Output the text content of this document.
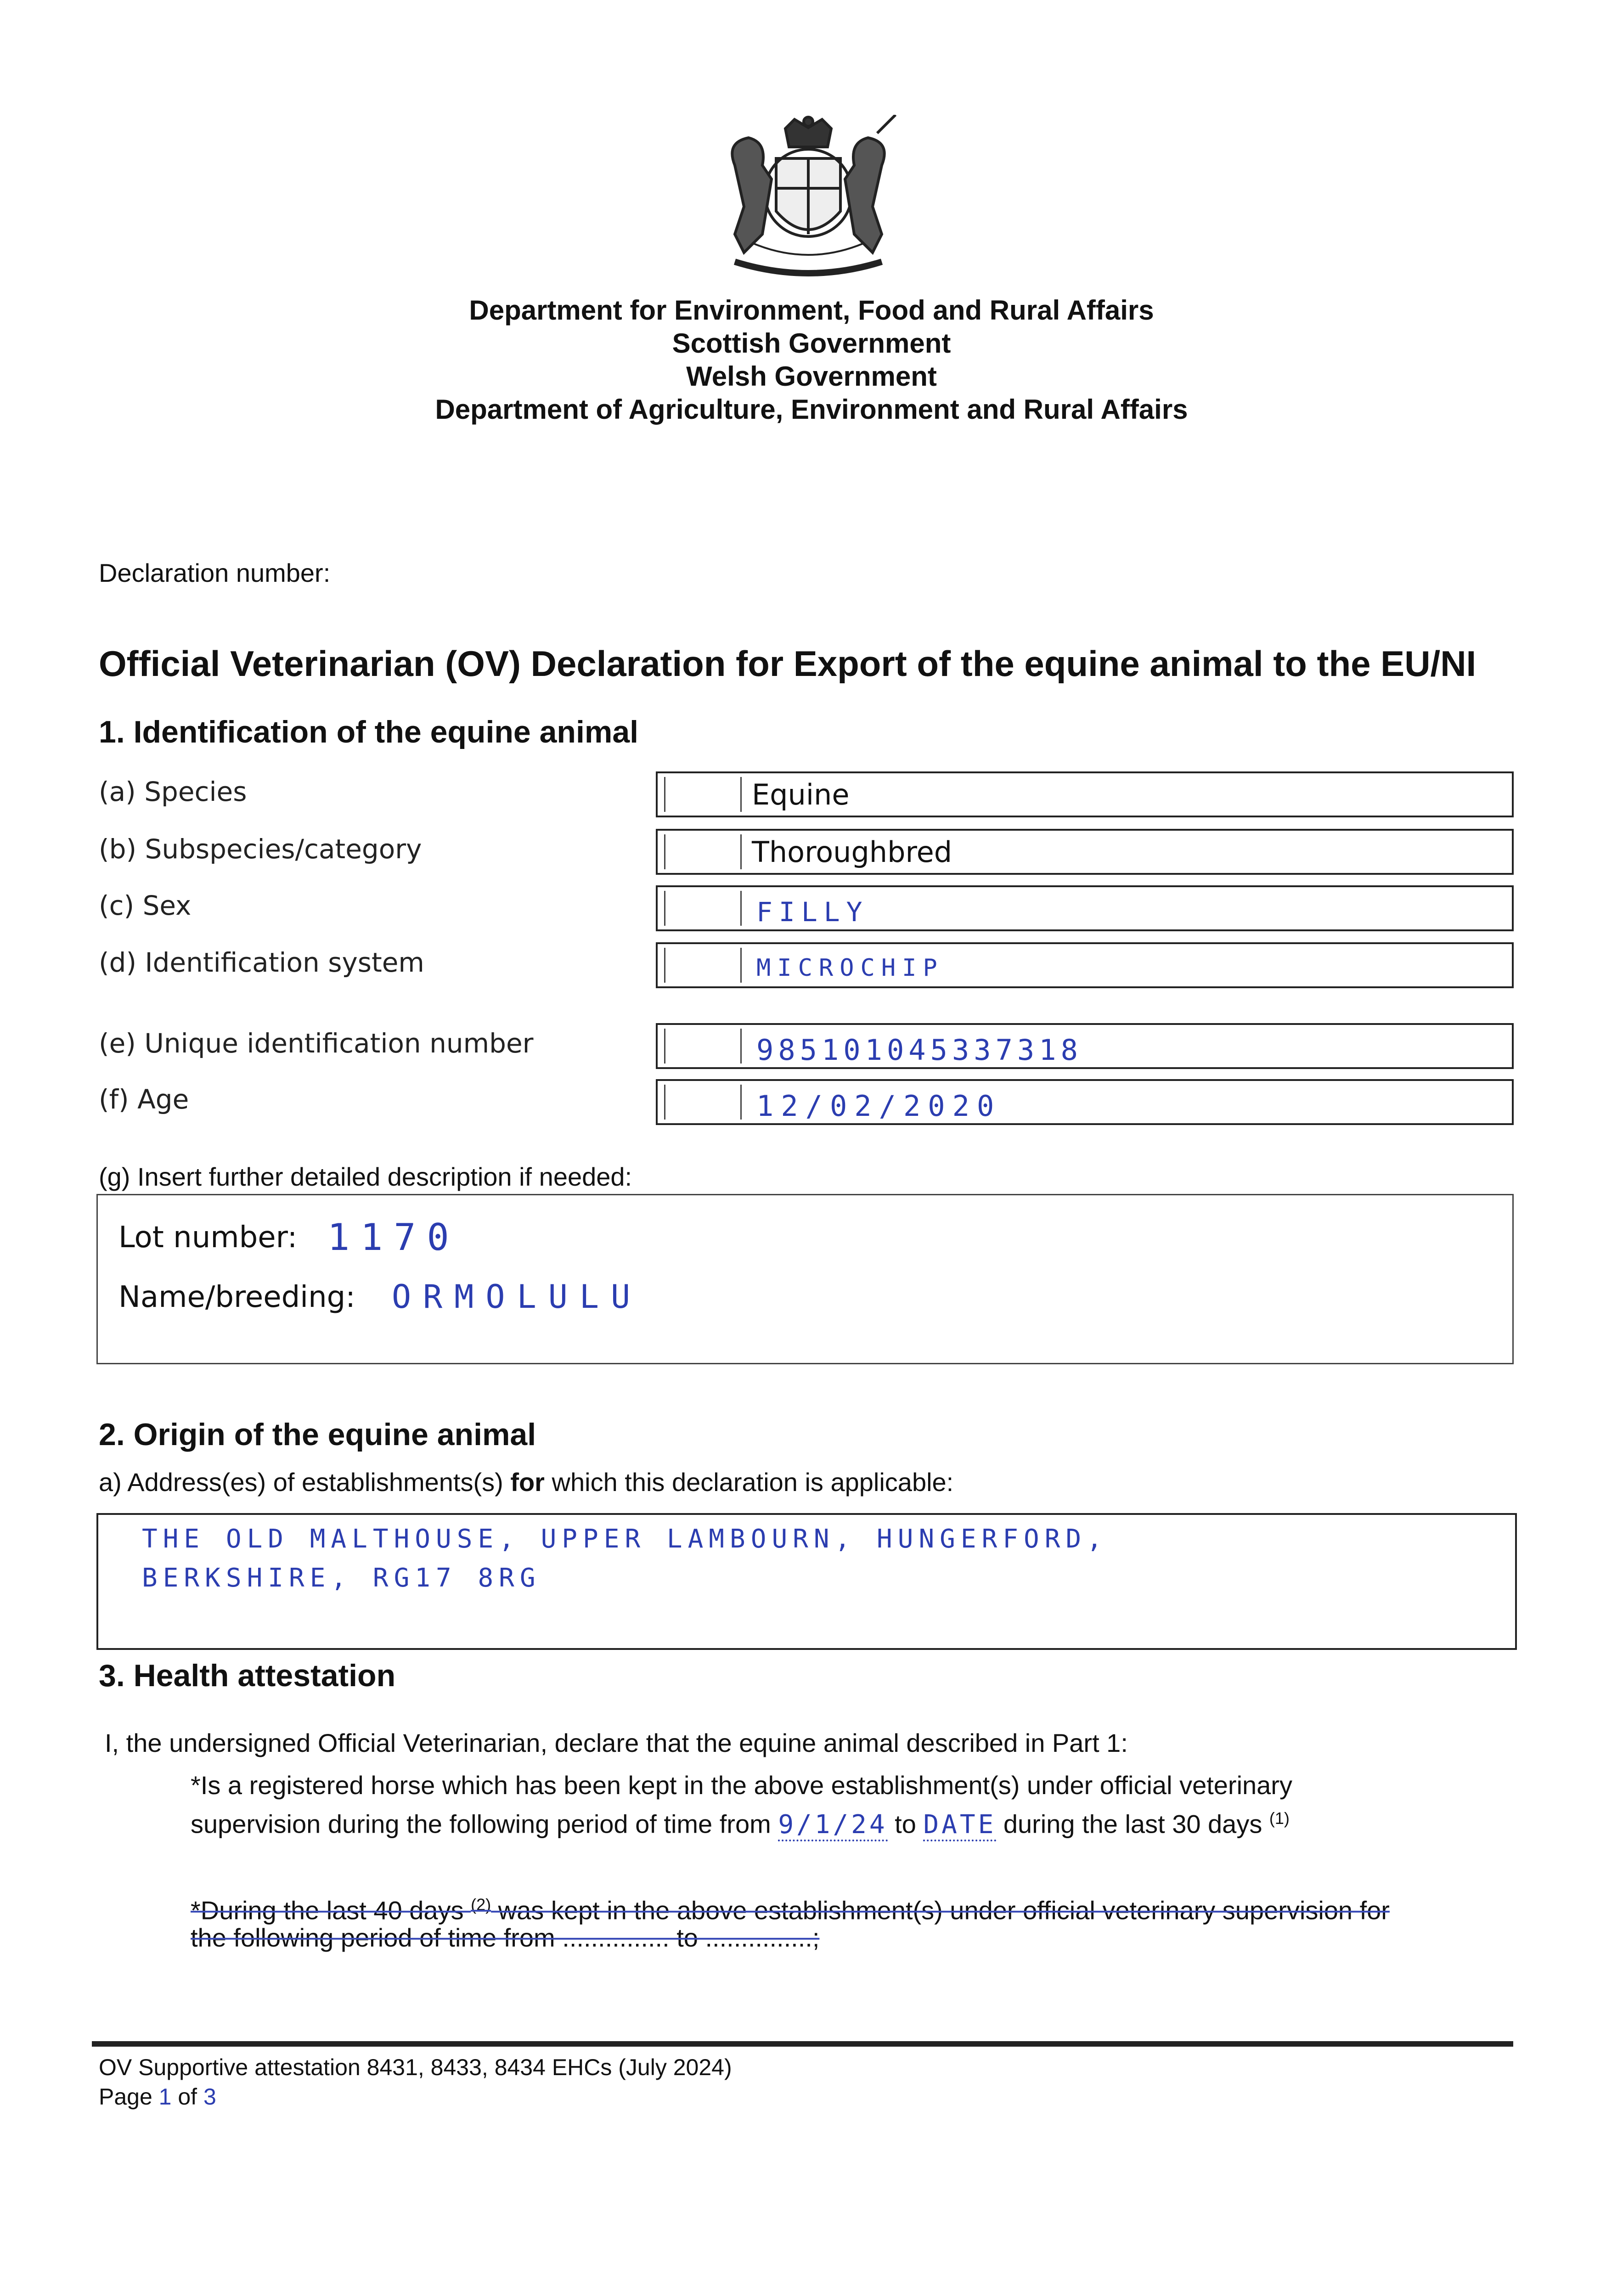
Department for Environment, Food and Rural Affairs
Scottish Government
Welsh Government
Department of Agriculture, Environment and Rural Affairs
Declaration number:
Official Veterinarian (OV) Declaration for Export of the equine animal to the EU/NI
1. Identification of the equine animal
(a) Species	Equine
(b) Subspecies/category	Thoroughbred
(c) Sex	FILLY
(d) Identification system	MICROCHIP
(e) Unique identification number	985101045337318
(f) Age	12/02/2020
(g) Insert further detailed description if needed:
Lot number: 1170
Name/breeding: ORMOLULU
2. Origin of the equine animal
a) Address(es) of establishments(s) for which this declaration is applicable:
THE OLD MALTHOUSE, UPPER LAMBOURN, HUNGERFORD,
BERKSHIRE, RG17 8RG
3. Health attestation
I, the undersigned Official Veterinarian, declare that the equine animal described in Part 1:
*Is a registered horse which has been kept in the above establishment(s) under official veterinary
supervision during the following period of time from 9/1/24 to DATE during the last 30 days $^{(1)}$
*During the last 40 days $^{(2)}$ was kept in the above establishment(s) under official veterinary supervision for
the following period of time from ............... to ...............;
OV Supportive attestation 8431, 8433, 8434 EHCs (July 2024)
Page 1 of 3
